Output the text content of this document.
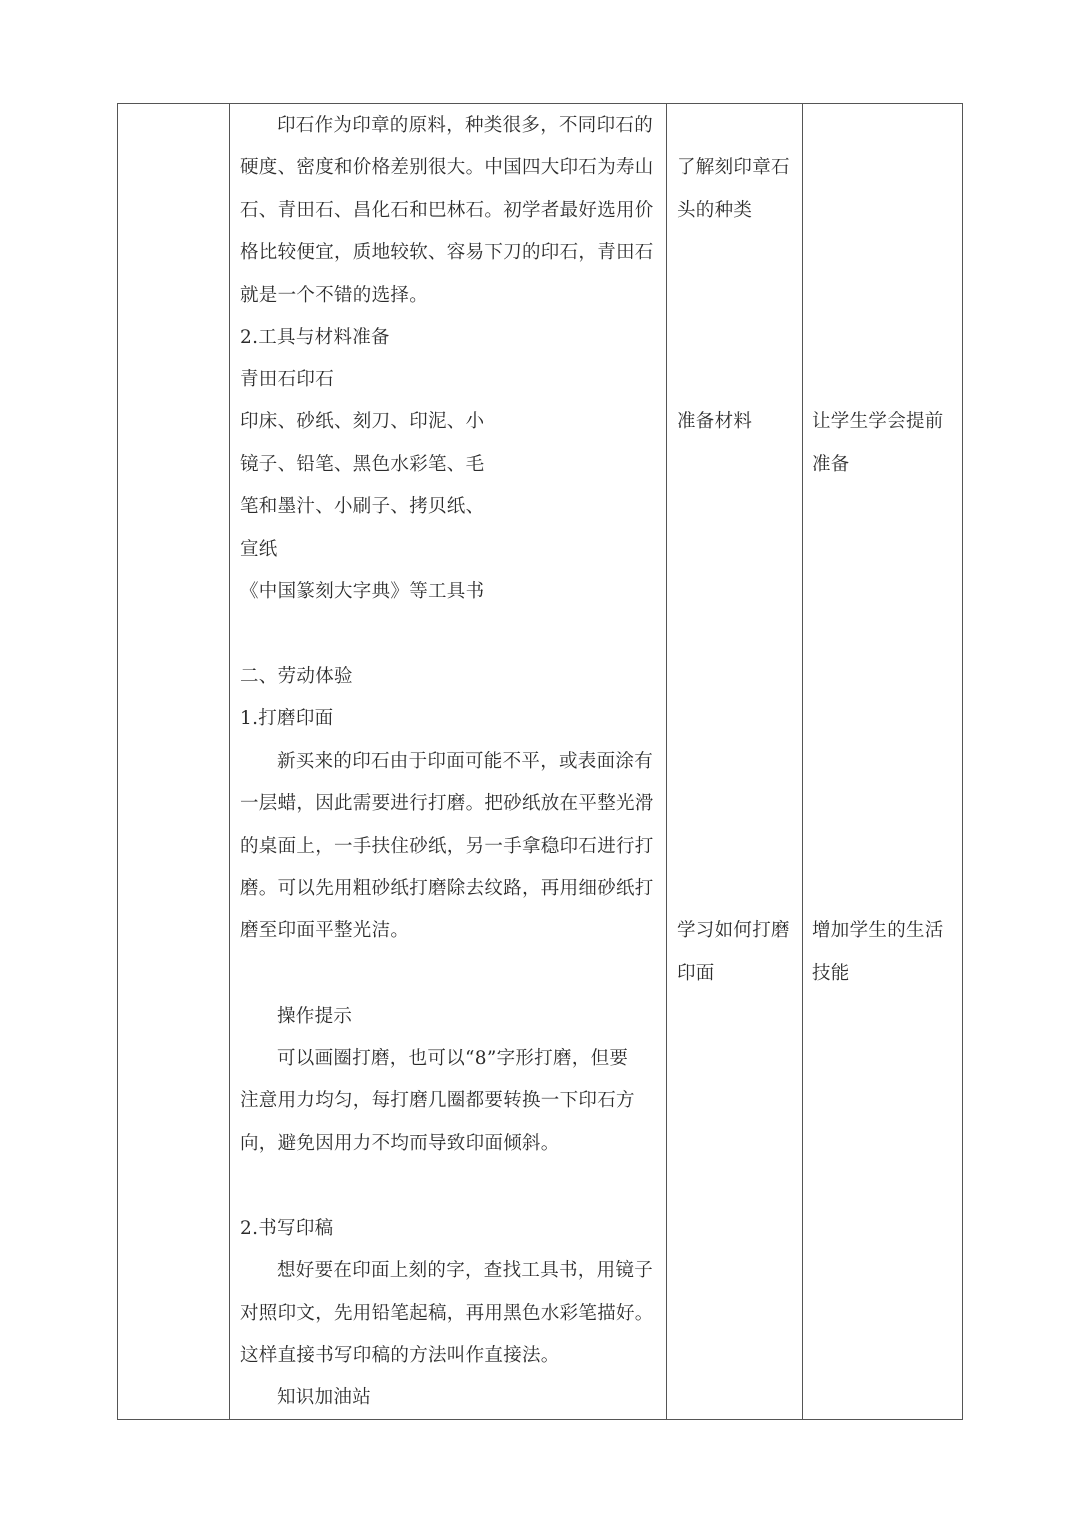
印石作为印章的原料，种类很多，不同印石的
硬度、密度和价格差别很大。中国四大印石为寿山
石、青田石、昌化石和巴林石。初学者最好选用价
格比较便宜，质地较软、容易下刀的印石，青田石
就是一个不错的选择。
2.工具与材料准备
青田石印石
印床、砂纸、刻刀、印泥、小
镜子、铅笔、黑色水彩笔、毛
笔和墨汁、小刷子、拷贝纸、
宣纸
《中国篆刻大字典》等工具书
二、劳动体验
1.打磨印面
新买来的印石由于印面可能不平，或表面涂有
一层蜡，因此需要进行打磨。把砂纸放在平整光滑
的桌面上，一手扶住砂纸，另一手拿稳印石进行打
磨。可以先用粗砂纸打磨除去纹路，再用细砂纸打
磨至印面平整光洁。
操作提示
可以画圈打磨，也可以“8”字形打磨，但要
注意用力均匀，每打磨几圈都要转换一下印石方
向，避免因用力不均而导致印面倾斜。
2.书写印稿
想好要在印面上刻的字，查找工具书，用镜子
对照印文，先用铅笔起稿，再用黑色水彩笔描好。
这样直接书写印稿的方法叫作直接法。
知识加油站
了解刻印章石
头的种类
准备材料
学习如何打磨
印面
让学生学会提前
准备
增加学生的生活
技能
